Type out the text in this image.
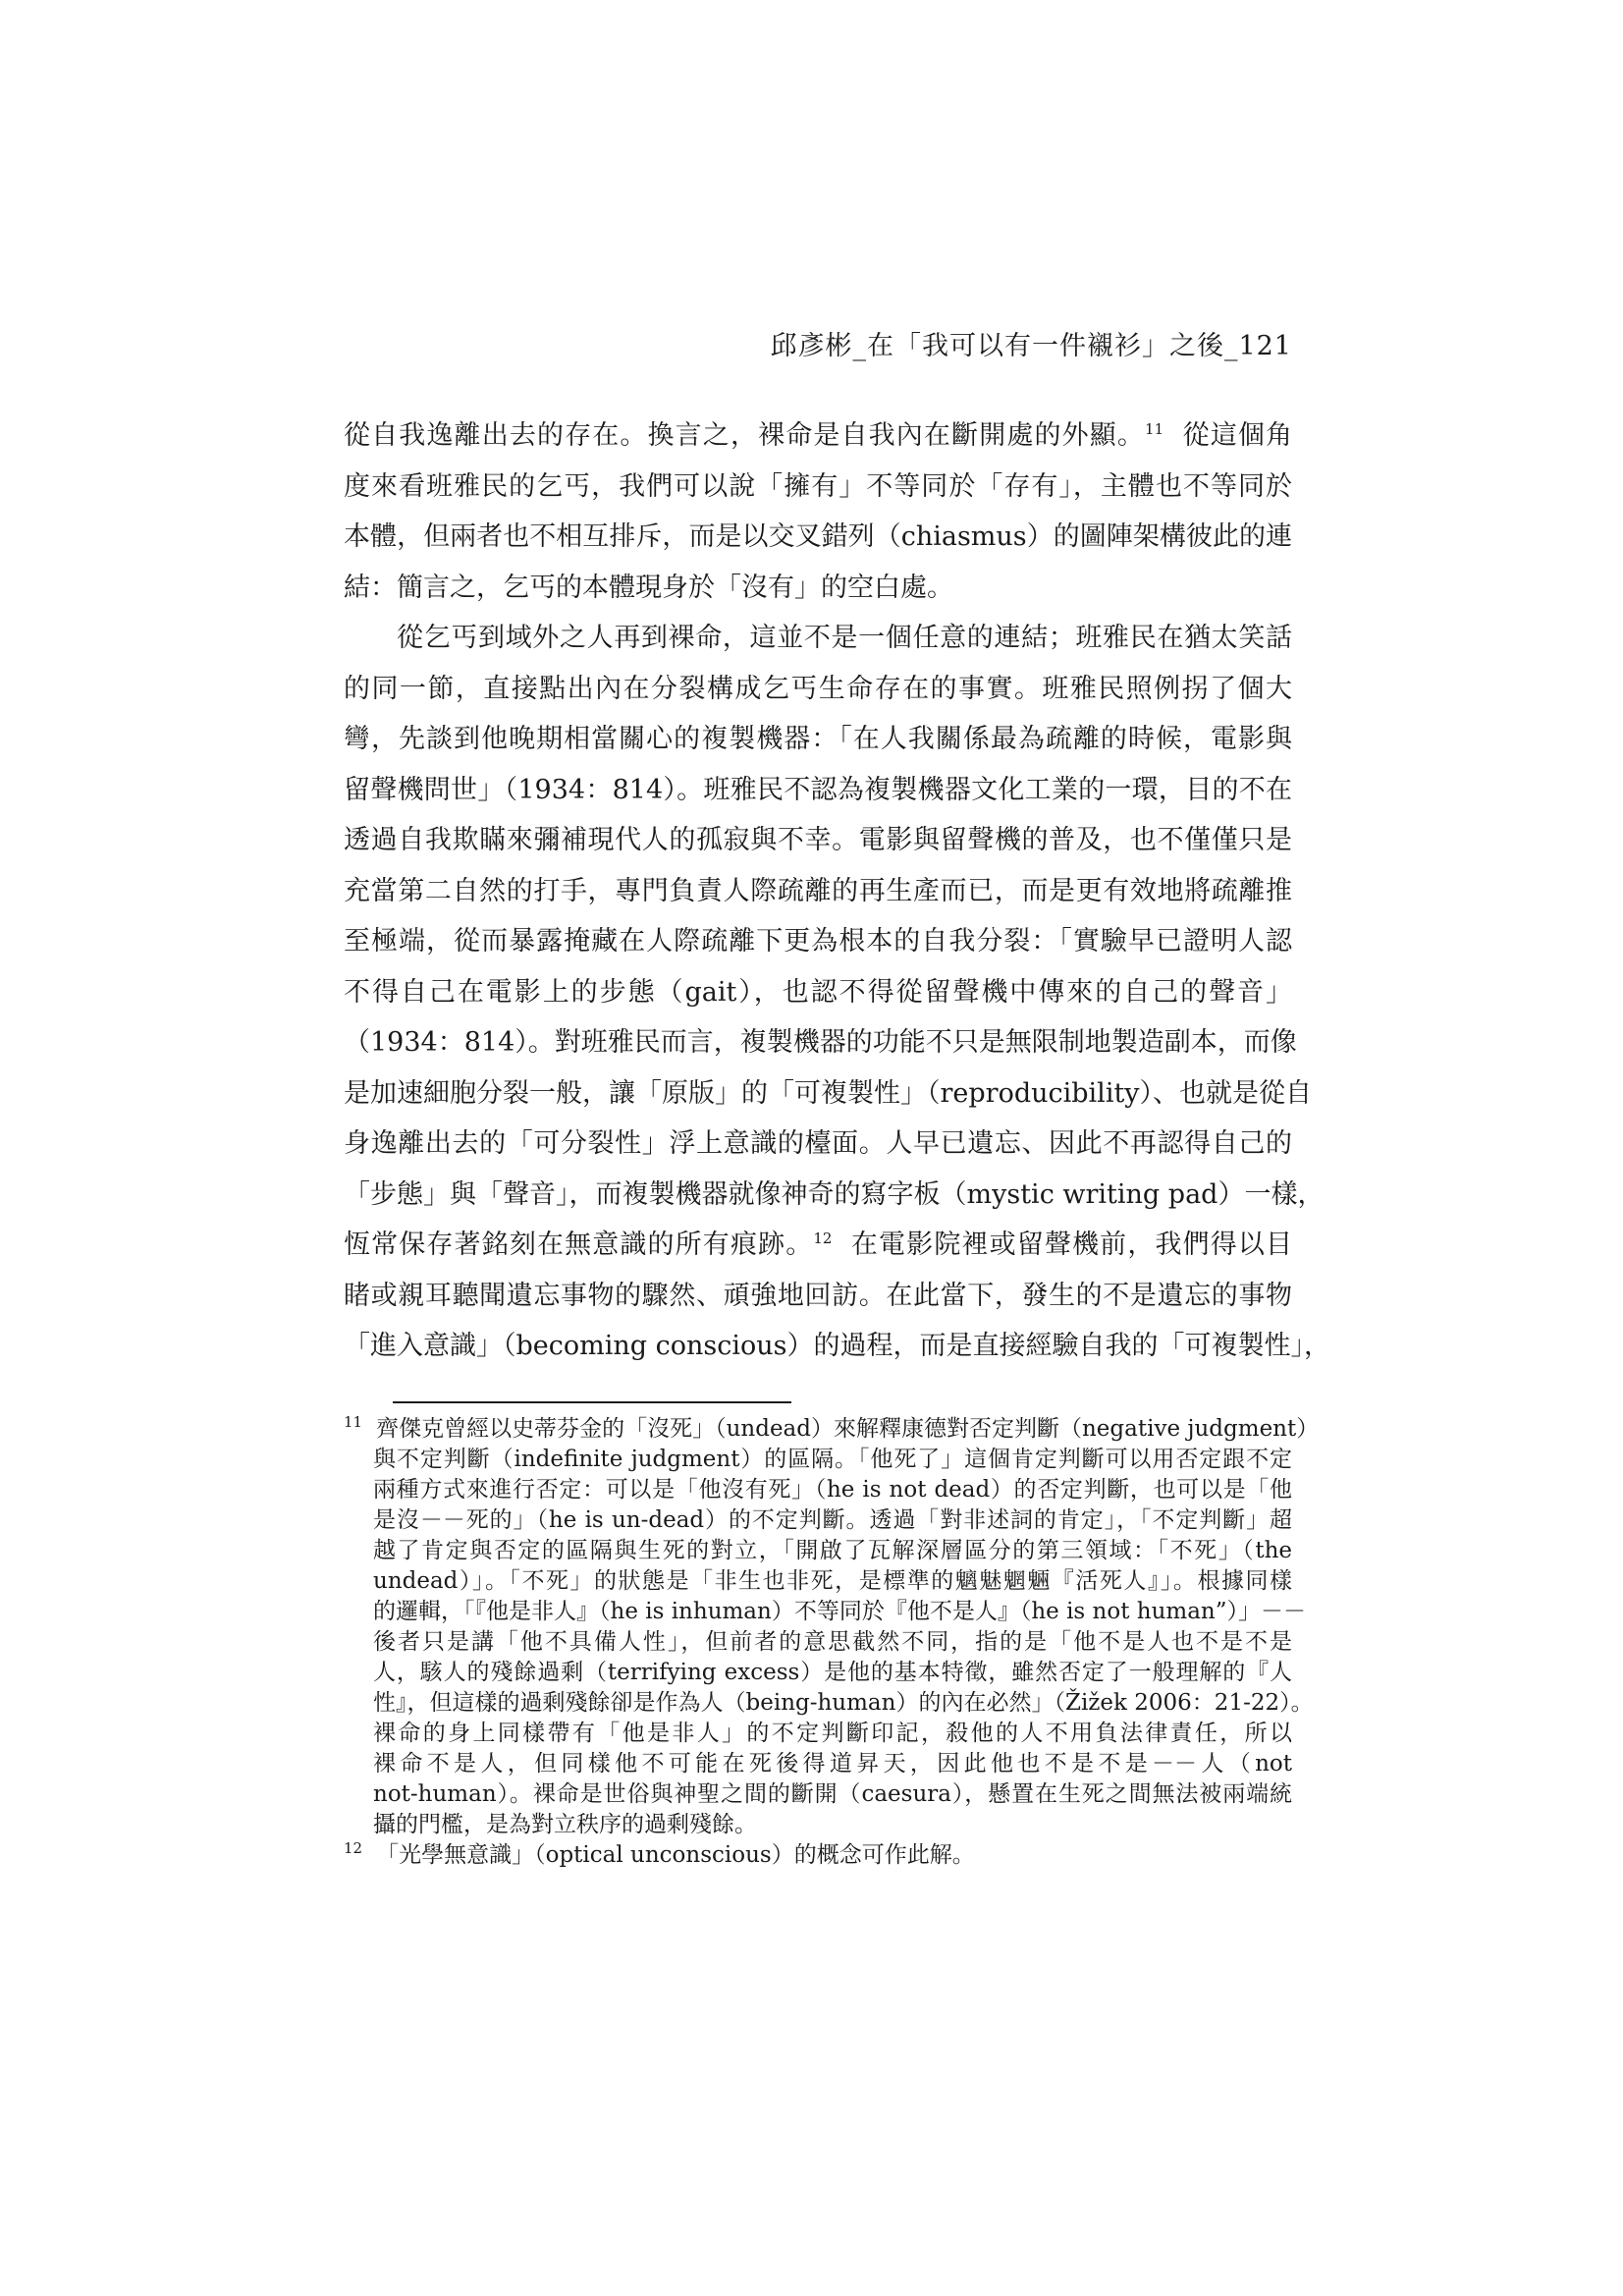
邱彥彬_在「我可以有一件襯衫」之後_121
從自我逸離出去的存在。換言之，裸命是自我內在斷開處的外顯。$^{11}$ 從這個角
度來看班雅民的乞丐，我們可以說「擁有」不等同於「存有」，主體也不等同於
本體，但兩者也不相互排斥，而是以交叉錯列（chiasmus）的圖陣架構彼此的連
結：簡言之，乞丐的本體現身於「沒有」的空白處。
從乞丐到域外之人再到裸命，這並不是一個任意的連結；班雅民在猶太笑話
的同一節，直接點出內在分裂構成乞丐生命存在的事實。班雅民照例拐了個大
彎，先談到他晚期相當關心的複製機器：「在人我關係最為疏離的時候，電影與
留聲機問世」（1934：814）。班雅民不認為複製機器文化工業的一環，目的不在
透過自我欺瞞來彌補現代人的孤寂與不幸。電影與留聲機的普及，也不僅僅只是
充當第二自然的打手，專門負責人際疏離的再生產而已，而是更有效地將疏離推
至極端，從而暴露掩藏在人際疏離下更為根本的自我分裂：「實驗早已證明人認
不得自己在電影上的步態（gait），也認不得從留聲機中傳來的自己的聲音」
（1934：814）。對班雅民而言，複製機器的功能不只是無限制地製造副本，而像
是加速細胞分裂一般，讓「原版」的「可複製性」（reproducibility）、也就是從自
身逸離出去的「可分裂性」浮上意識的檯面。人早已遺忘、因此不再認得自己的
「步態」與「聲音」，而複製機器就像神奇的寫字板（mystic writing pad）一樣，
恆常保存著銘刻在無意識的所有痕跡。$^{12}$ 在電影院裡或留聲機前，我們得以目
睹或親耳聽聞遺忘事物的驟然、頑強地回訪。在此當下，發生的不是遺忘的事物
「進入意識」（becoming conscious）的過程，而是直接經驗自我的「可複製性」，
$^{11}$ 齊傑克曾經以史蒂芬金的「沒死」（undead）來解釋康德對否定判斷（negative judgment）
與不定判斷（indefinite judgment）的區隔。「他死了」這個肯定判斷可以用否定跟不定
兩種方式來進行否定：可以是「他沒有死」（he is not dead）的否定判斷，也可以是「他
是沒－－死的」（he is un-dead）的不定判斷。透過「對非述詞的肯定」，「不定判斷」超
越了肯定與否定的區隔與生死的對立，「開啟了瓦解深層區分的第三領域：「不死」（the
undead）」。「不死」的狀態是「非生也非死，是標準的魑魅魍魎『活死人』」。根據同樣
的邏輯，「『他是非人』（he is inhuman）不等同於『他不是人』（he is not human”）」－－
後者只是講「他不具備人性」，但前者的意思截然不同，指的是「他不是人也不是不是
人，駭人的殘餘過剩（terrifying excess）是他的基本特徵，雖然否定了一般理解的『人
性』，但這樣的過剩殘餘卻是作為人（being-human）的內在必然」（Žižek 2006：21-22）。
裸命的身上同樣帶有「他是非人」的不定判斷印記，殺他的人不用負法律責任，所以
裸命不是人，但同樣他不可能在死後得道昇天，因此他也不是不是－－人（not
not-human）。裸命是世俗與神聖之間的斷開（caesura），懸置在生死之間無法被兩端統
攝的門檻，是為對立秩序的過剩殘餘。
$^{12}$ 「光學無意識」（optical unconscious）的概念可作此解。
